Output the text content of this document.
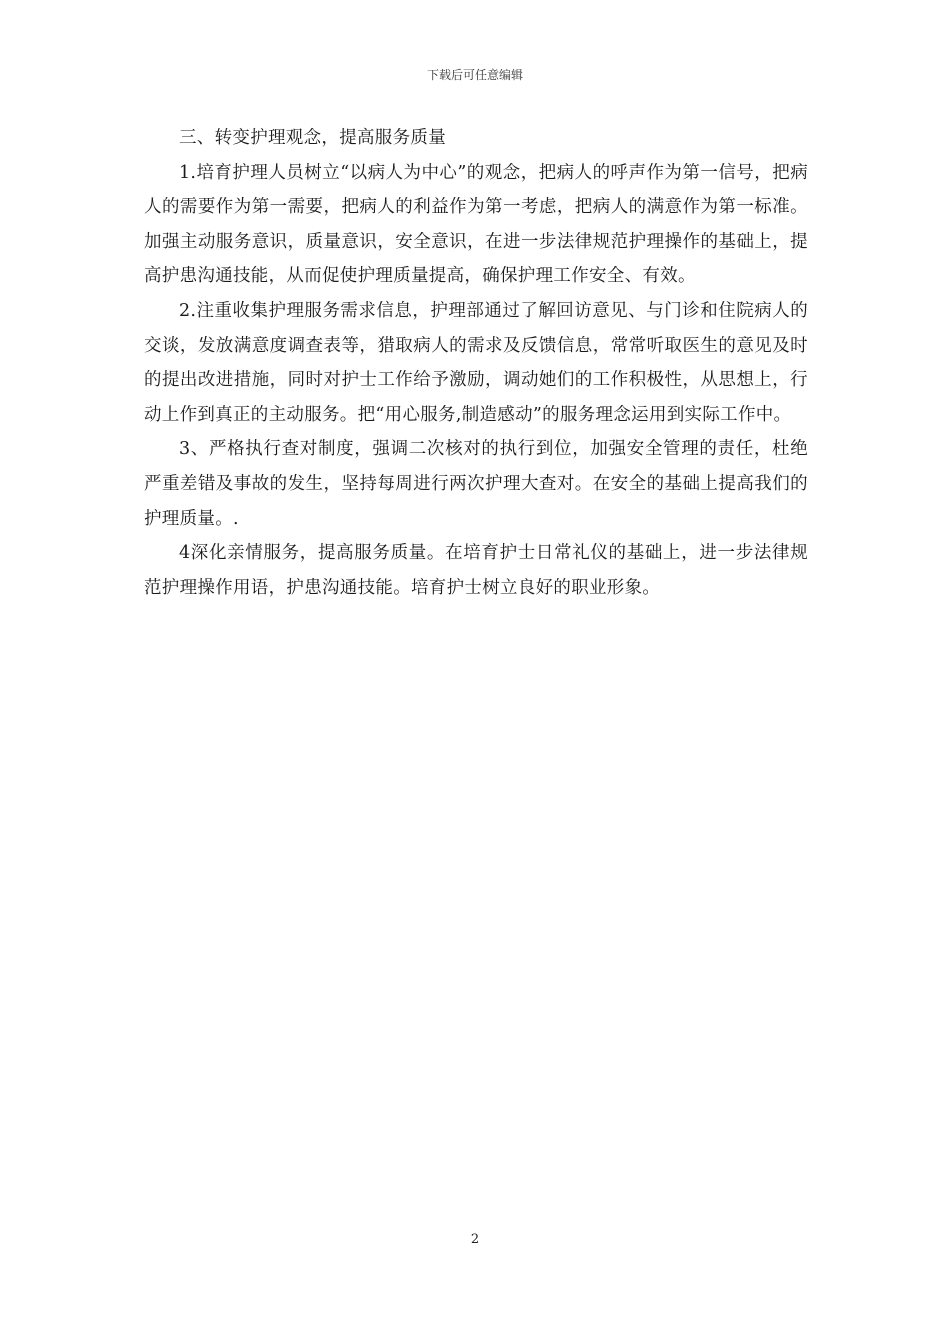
下载后可任意编辑

三、转变护理观念，提高服务质量

1.培育护理人员树立“以病人为中心”的观念，把病人的呼声作为第一信号，把病人的需要作为第一需要，把病人的利益作为第一考虑，把病人的满意作为第一标准。加强主动服务意识，质量意识，安全意识，在进一步法律规范护理操作的基础上，提高护患沟通技能，从而促使护理质量提高，确保护理工作安全、有效。

2.注重收集护理服务需求信息，护理部通过了解回访意见、与门诊和住院病人的交谈，发放满意度调查表等，猎取病人的需求及反馈信息，常常听取医生的意见及时的提出改进措施，同时对护士工作给予激励，调动她们的工作积极性，从思想上，行动上作到真正的主动服务。把“用心服务,制造感动”的服务理念运用到实际工作中。

3、严格执行查对制度，强调二次核对的执行到位，加强安全管理的责任，杜绝严重差错及事故的发生，坚持每周进行两次护理大查对。在安全的基础上提高我们的护理质量。.

4深化亲情服务，提高服务质量。在培育护士日常礼仪的基础上，进一步法律规范护理操作用语，护患沟通技能。培育护士树立良好的职业形象。

2
